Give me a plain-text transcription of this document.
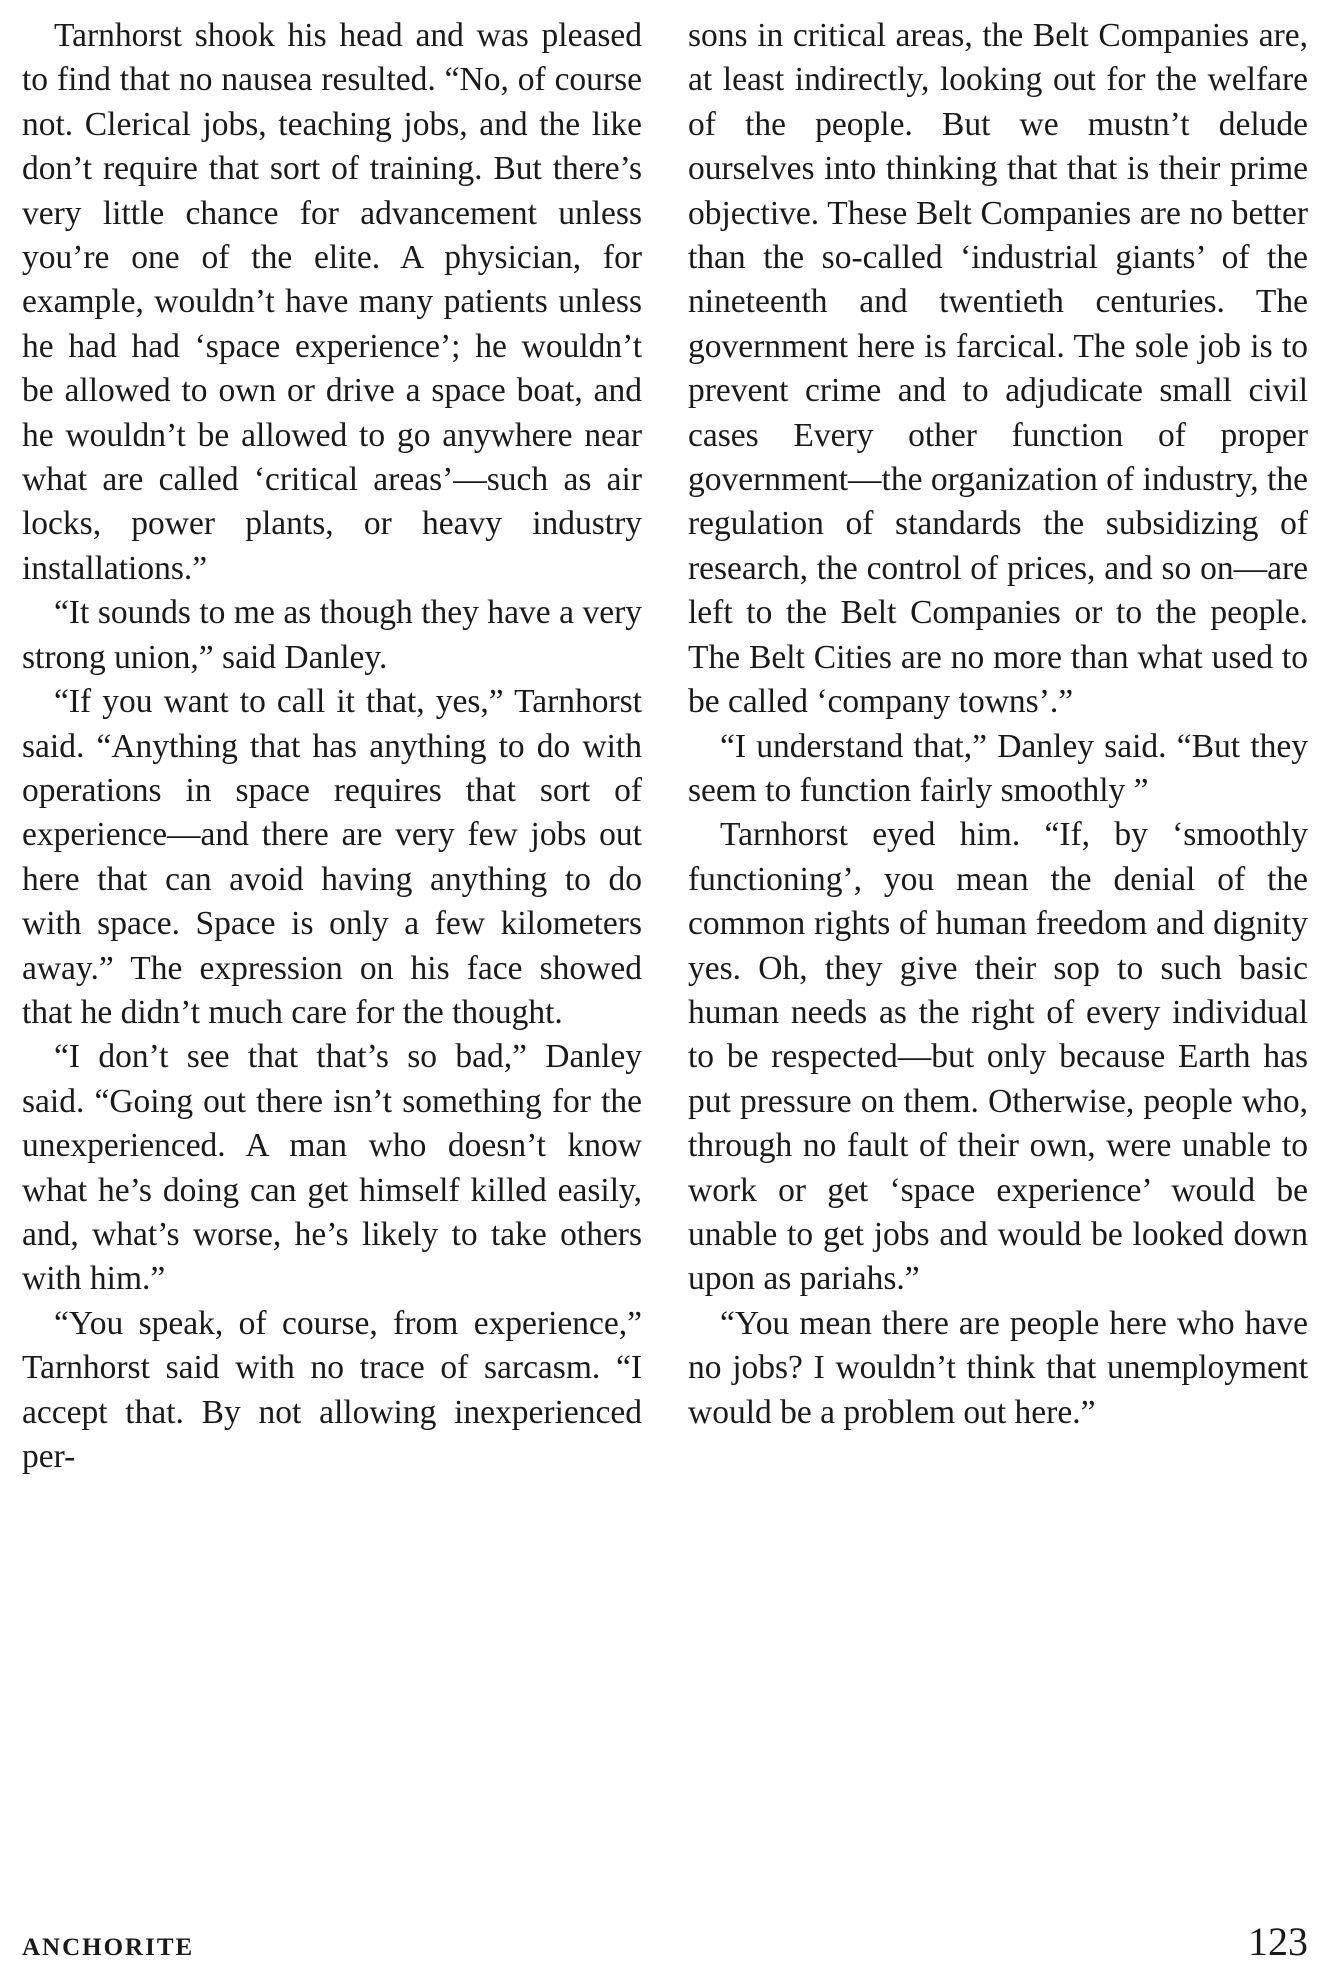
Tarnhorst shook his head and was pleased to find that no nausea resulted. “No, of course not. Clerical jobs, teaching jobs, and the like don’t require that sort of training. But there’s very little chance for advancement unless you’re one of the elite. A physician, for example, wouldn’t have many patients unless he had had ‘space experience’; he wouldn’t be allowed to own or drive a space boat, and he wouldn’t be allowed to go anywhere near what are called ‘critical areas’—such as air locks, power plants, or heavy industry installations.”

“It sounds to me as though they have a very strong union,” said Danley.

“If you want to call it that, yes,” Tarnhorst said. “Anything that has anything to do with operations in space requires that sort of experience—and there are very few jobs out here that can avoid having anything to do with space. Space is only a few kilometers away.” The expression on his face showed that he didn’t much care for the thought.

“I don’t see that that’s so bad,” Danley said. “Going out there isn’t something for the unexperienced. A man who doesn’t know what he’s doing can get himself killed easily, and, what’s worse, he’s likely to take others with him.”

“You speak, of course, from experience,” Tarnhorst said with no trace of sarcasm. “I accept that. By not allowing inexperienced per-

sons in critical areas, the Belt Companies are, at least indirectly, looking out for the welfare of the people. But we mustn’t delude ourselves into thinking that that is their prime objective. These Belt Companies are no better than the so-called ‘industrial giants’ of the nineteenth and twentieth centuries. The government here is farcical. The sole job is to prevent crime and to adjudicate small civil cases Every other function of proper government—the organization of industry, the regulation of standards the subsidizing of research, the control of prices, and so on—are left to the Belt Companies or to the people. The Belt Cities are no more than what used to be called ‘company towns’.”

“I understand that,” Danley said. “But they seem to function fairly smoothly ”

Tarnhorst eyed him. “If, by ‘smoothly functioning’, you mean the denial of the common rights of human freedom and dignity yes. Oh, they give their sop to such basic human needs as the right of every individual to be respected—but only because Earth has put pressure on them. Otherwise, people who, through no fault of their own, were unable to work or get ‘space experience’ would be unable to get jobs and would be looked down upon as pariahs.”

“You mean there are people here who have no jobs? I wouldn’t think that unemployment would be a problem out here.”

ANCHORITE	123
